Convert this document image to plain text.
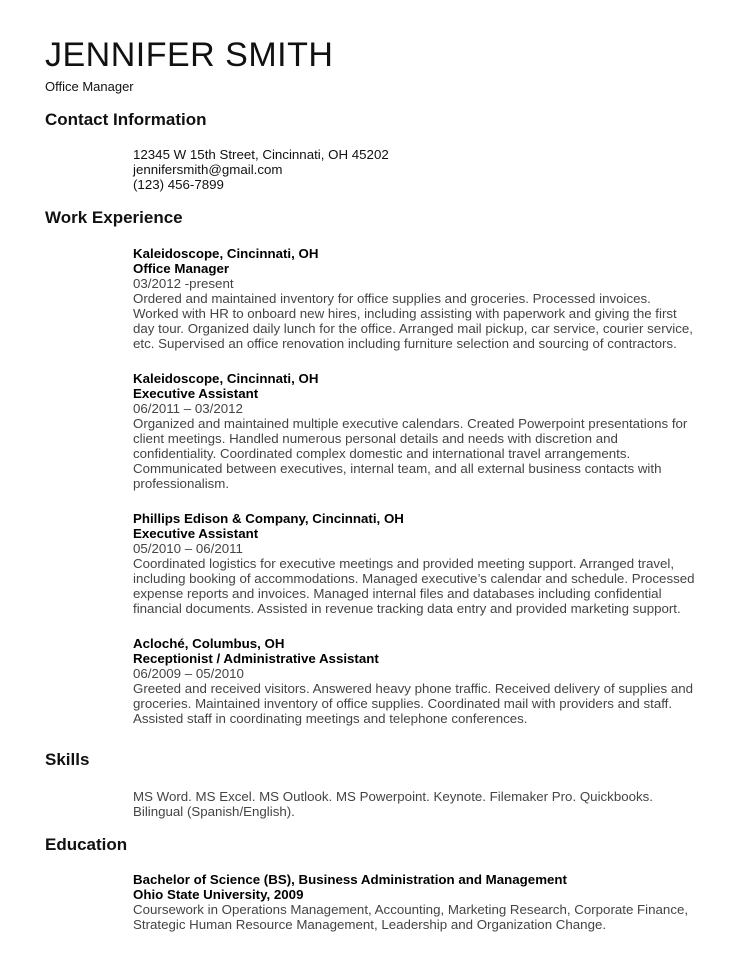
JENNIFER SMITH
Office Manager
Contact Information
12345 W 15th Street, Cincinnati, OH 45202
jennifersmith@gmail.com
(123) 456-7899
Work Experience
Kaleidoscope, Cincinnati, OH
Office Manager
03/2012 -present
Ordered and maintained inventory for office supplies and groceries. Processed invoices.
Worked with HR to onboard new hires, including assisting with paperwork and giving the first
day tour. Organized daily lunch for the office. Arranged mail pickup, car service, courier service,
etc. Supervised an office renovation including furniture selection and sourcing of contractors.
Kaleidoscope, Cincinnati, OH
Executive Assistant
06/2011 – 03/2012
Organized and maintained multiple executive calendars. Created Powerpoint presentations for
client meetings. Handled numerous personal details and needs with discretion and
confidentiality. Coordinated complex domestic and international travel arrangements.
Communicated between executives, internal team, and all external business contacts with
professionalism.
Phillips Edison & Company, Cincinnati, OH
Executive Assistant
05/2010 – 06/2011
Coordinated logistics for executive meetings and provided meeting support. Arranged travel,
including booking of accommodations. Managed executive’s calendar and schedule. Processed
expense reports and invoices. Managed internal files and databases including confidential
financial documents. Assisted in revenue tracking data entry and provided marketing support.
Acloché, Columbus, OH
Receptionist / Administrative Assistant
06/2009 – 05/2010
Greeted and received visitors. Answered heavy phone traffic. Received delivery of supplies and
groceries. Maintained inventory of office supplies. Coordinated mail with providers and staff.
Assisted staff in coordinating meetings and telephone conferences.
Skills
MS Word. MS Excel. MS Outlook. MS Powerpoint. Keynote. Filemaker Pro. Quickbooks.
Bilingual (Spanish/English).
Education
Bachelor of Science (BS), Business Administration and Management
Ohio State University, 2009
Coursework in Operations Management, Accounting, Marketing Research, Corporate Finance,
Strategic Human Resource Management, Leadership and Organization Change.
